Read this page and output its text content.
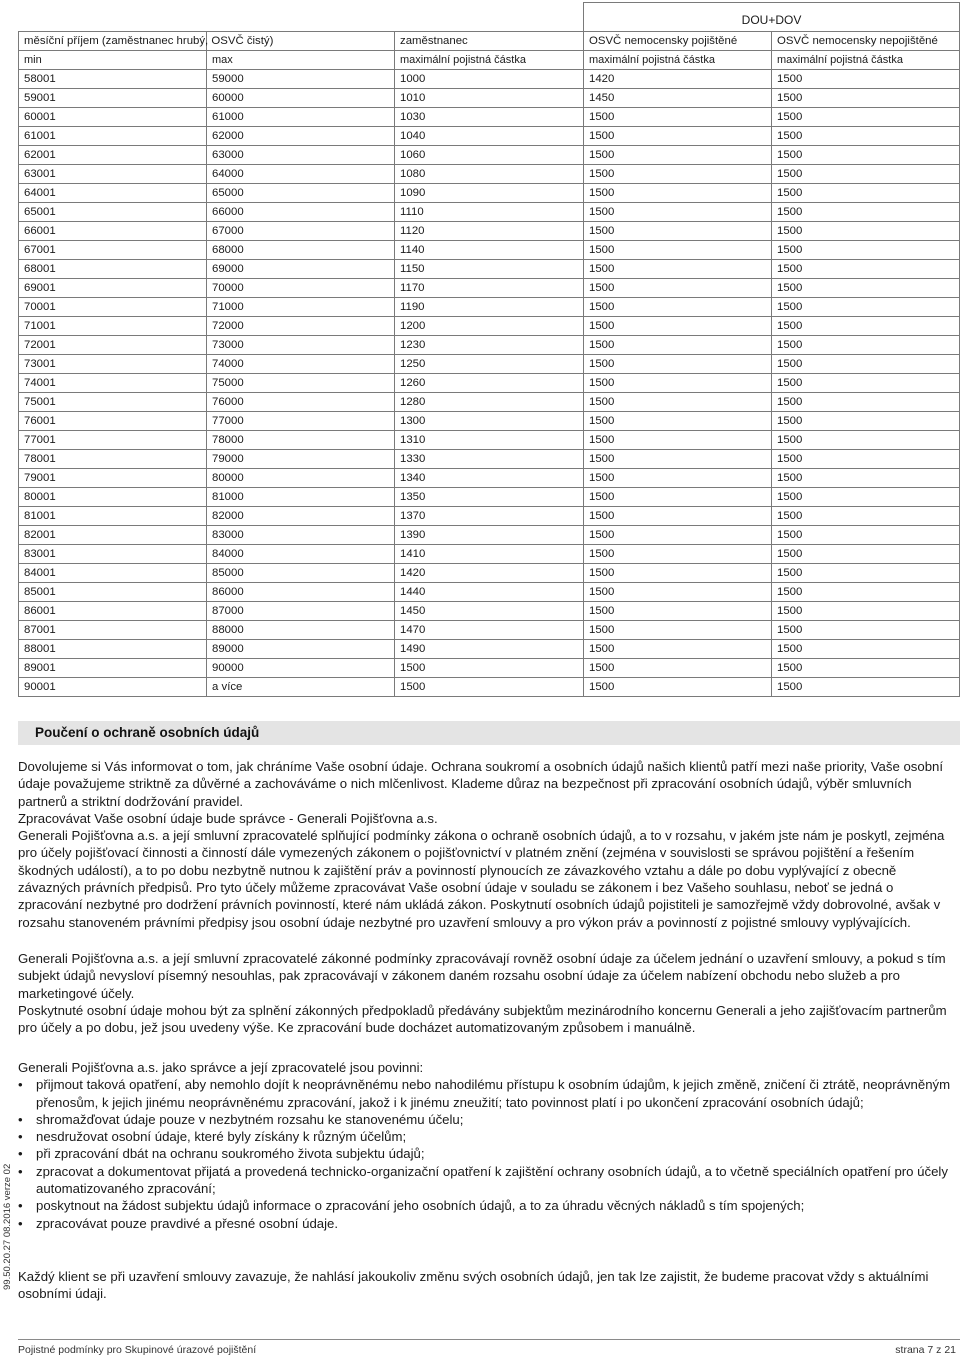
			DOU+DOV	
měsíční příjem (zaměstnanec hrubý, OSVČ čistý)		zaměstnanec	OSVČ nemocensky pojištěné	OSVČ nemocensky nepojištěné
min	max	maximální pojistná částka	maximální pojistná částka	maximální pojistná částka
58001	59000	1000	1420	1500
59001	60000	1010	1450	1500
60001	61000	1030	1500	1500
61001	62000	1040	1500	1500
62001	63000	1060	1500	1500
63001	64000	1080	1500	1500
64001	65000	1090	1500	1500
65001	66000	1110	1500	1500
66001	67000	1120	1500	1500
67001	68000	1140	1500	1500
68001	69000	1150	1500	1500
69001	70000	1170	1500	1500
70001	71000	1190	1500	1500
71001	72000	1200	1500	1500
72001	73000	1230	1500	1500
73001	74000	1250	1500	1500
74001	75000	1260	1500	1500
75001	76000	1280	1500	1500
76001	77000	1300	1500	1500
77001	78000	1310	1500	1500
78001	79000	1330	1500	1500
79001	80000	1340	1500	1500
80001	81000	1350	1500	1500
81001	82000	1370	1500	1500
82001	83000	1390	1500	1500
83001	84000	1410	1500	1500
84001	85000	1420	1500	1500
85001	86000	1440	1500	1500
86001	87000	1450	1500	1500
87001	88000	1470	1500	1500
88001	89000	1490	1500	1500
89001	90000	1500	1500	1500
90001	a více	1500	1500	1500
Poučení o ochraně osobních údajů

Dovolujeme si Vás informovat o tom, jak chráníme Vaše osobní údaje. Ochrana soukromí a osobních údajů našich klientů patří mezi naše priority, Vaše osobní údaje považujeme striktně za důvěrné a zachováváme o nich mlčenlivost. Klademe důraz na bezpečnost při zpracování osobních údajů, výběr smluvních partnerů a striktní dodržování pravidel.

Zpracovávat Vaše osobní údaje bude správce - Generali Pojišťovna a.s.

Generali Pojišťovna a.s. a její smluvní zpracovatelé splňující podmínky zákona o ochraně osobních údajů, a to v rozsahu, v jakém jste nám je poskytl, zejména pro účely pojišťovací činnosti a činností dále vymezených zákonem o pojišťovnictví v platném znění (zejména v souvislosti se správou pojištění a řešením škodných událostí), a to po dobu nezbytně nutnou k zajištění práv a povinností plynoucích ze závazkového vztahu a dále po dobu vyplývající z obecně závazných právních předpisů. Pro tyto účely můžeme zpracovávat Vaše osobní údaje v souladu se zákonem i bez Vašeho souhlasu, neboť se jedná o zpracování nezbytné pro dodržení právních povinností, které nám ukládá zákon. Poskytnutí osobních údajů pojistiteli je samozřejmě vždy dobrovolné, avšak v rozsahu stanoveném právními předpisy jsou osobní údaje nezbytné pro uzavření smlouvy a pro výkon práv a povinností z pojistné smlouvy vyplývajících.

Generali Pojišťovna a.s. a její smluvní zpracovatelé zákonné podmínky zpracovávají rovněž osobní údaje za účelem jednání o uzavření smlouvy, a pokud s tím subjekt údajů nevysloví písemný nesouhlas, pak zpracovávají v zákonem daném rozsahu osobní údaje za účelem nabízení obchodu nebo služeb a pro marketingové účely.

Poskytnuté osobní údaje mohou být za splnění zákonných předpokladů předávány subjektům mezinárodního koncernu Generali a jeho zajišťovacím partnerům pro účely a po dobu, jež jsou uvedeny výše. Ke zpracování bude docházet automatizovaným způsobem i manuálně.

Generali Pojišťovna a.s. jako správce a její zpracovatelé jsou povinni:

• přijmout taková opatření, aby nemohlo dojít k neoprávněnému nebo nahodilému přístupu k osobním údajům, k jejich změně, zničení či ztrátě, neoprávněným přenosům, k jejich jinému neoprávněnému zpracování, jakož i k jinému zneužití; tato povinnost platí i po ukončení zpracování osobních údajů;
• shromažďovat údaje pouze v nezbytném rozsahu ke stanovenému účelu;
• nesdružovat osobní údaje, které byly získány k různým účelům;
• při zpracování dbát na ochranu soukromého života subjektu údajů;
• zpracovat a dokumentovat přijatá a provedená technicko-organizační opatření k zajištění ochrany osobních údajů, a to včetně speciálních opatření pro účely automatizovaného zpracování;
• poskytnout na žádost subjektu údajů informace o zpracování jeho osobních údajů, a to za úhradu věcných nákladů s tím spojených;
• zpracovávat pouze pravdivé a přesné osobní údaje.

Každý klient se při uzavření smlouvy zavazuje, že nahlásí jakoukoliv změnu svých osobních údajů, jen tak lze zajistit, že budeme pracovat vždy s aktuálními osobními údaji.

99.50.20.27 08.2016 verze 02
Pojistné podmínky pro Skupinové úrazové pojištění	strana 7 z 21
